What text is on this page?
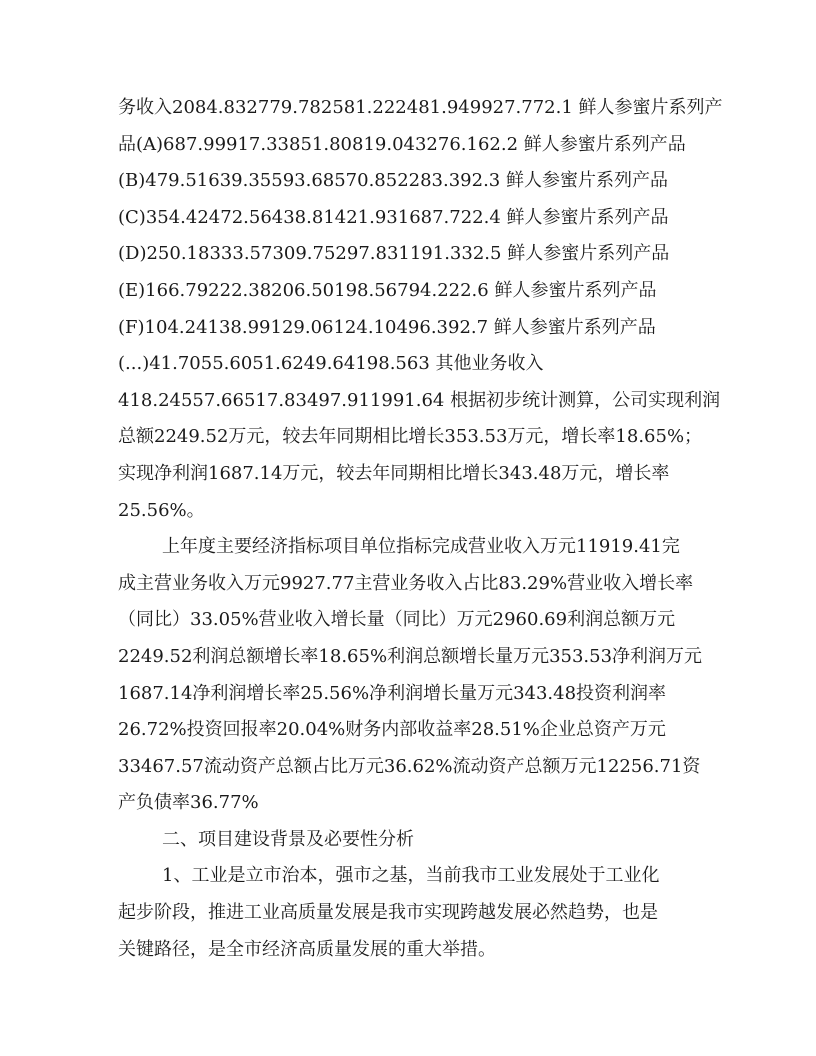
务收入2084.832779.782581.222481.949927.772.1 鲜人参蜜片系列产
品(A)687.99917.33851.80819.043276.162.2 鲜人参蜜片系列产品
(B)479.51639.35593.68570.852283.392.3 鲜人参蜜片系列产品
(C)354.42472.56438.81421.931687.722.4 鲜人参蜜片系列产品
(D)250.18333.57309.75297.831191.332.5 鲜人参蜜片系列产品
(E)166.79222.38206.50198.56794.222.6 鲜人参蜜片系列产品
(F)104.24138.99129.06124.10496.392.7 鲜人参蜜片系列产品
(...)41.7055.6051.6249.64198.563 其他业务收入
418.24557.66517.83497.911991.64 根据初步统计测算，公司实现利润
总额2249.52万元，较去年同期相比增长353.53万元，增长率18.65%；
实现净利润1687.14万元，较去年同期相比增长343.48万元，增长率
25.56%。
上年度主要经济指标项目单位指标完成营业收入万元11919.41完
成主营业务收入万元9927.77主营业务收入占比83.29%营业收入增长率
（同比）33.05%营业收入增长量（同比）万元2960.69利润总额万元
2249.52利润总额增长率18.65%利润总额增长量万元353.53净利润万元
1687.14净利润增长率25.56%净利润增长量万元343.48投资利润率
26.72%投资回报率20.04%财务内部收益率28.51%企业总资产万元
33467.57流动资产总额占比万元36.62%流动资产总额万元12256.71资
产负债率36.77%
二、项目建设背景及必要性分析
1、工业是立市治本，强市之基，当前我市工业发展处于工业化
起步阶段，推进工业高质量发展是我市实现跨越发展必然趋势，也是
关键路径，是全市经济高质量发展的重大举措。
